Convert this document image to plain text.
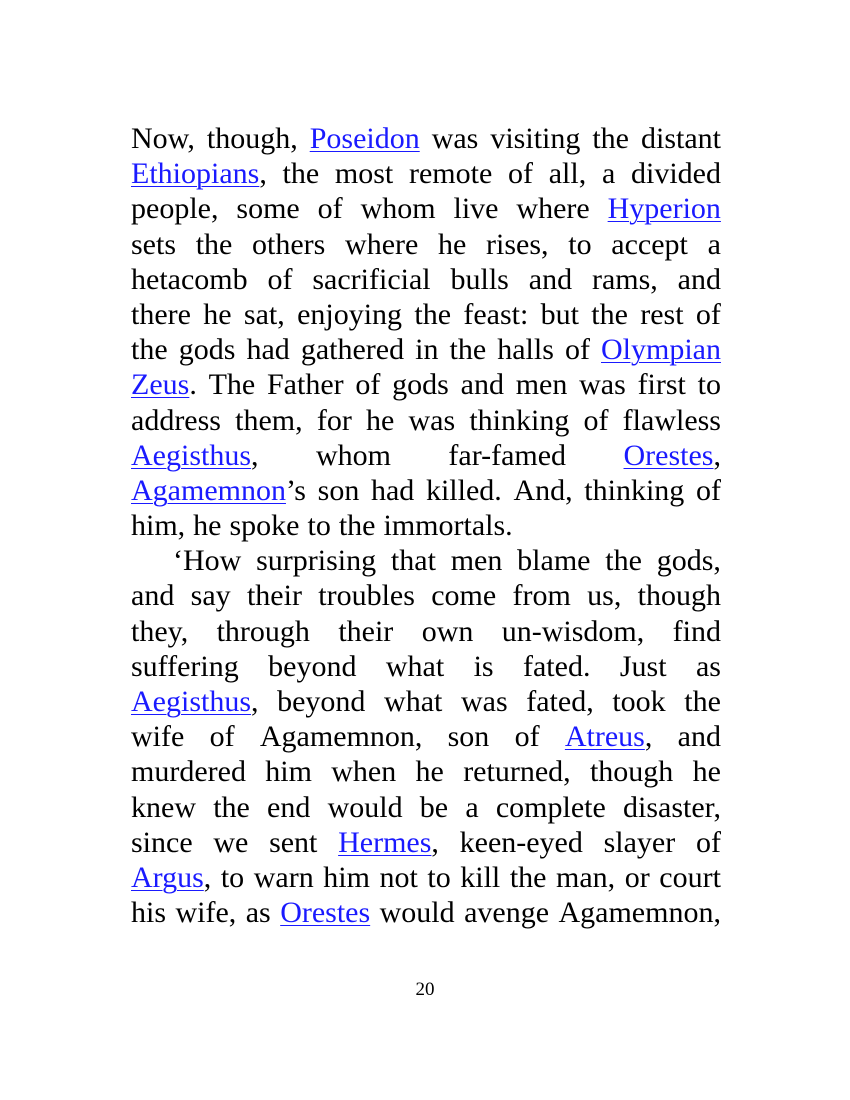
Now, though, Poseidon was visiting the distant
Ethiopians, the most remote of all, a divided
people, some of whom live where Hyperion
sets the others where he rises, to accept a
hetacomb of sacrificial bulls and rams, and
there he sat, enjoying the feast: but the rest of
the gods had gathered in the halls of Olympian
Zeus. The Father of gods and men was first to
address them, for he was thinking of flawless
Aegisthus, whom far-famed Orestes,
Agamemnon’s son had killed. And, thinking of
him, he spoke to the immortals.
‘How surprising that men blame the gods,
and say their troubles come from us, though
they, through their own un-wisdom, find
suffering beyond what is fated. Just as
Aegisthus, beyond what was fated, took the
wife of Agamemnon, son of Atreus, and
murdered him when he returned, though he
knew the end would be a complete disaster,
since we sent Hermes, keen-eyed slayer of
Argus, to warn him not to kill the man, or court
his wife, as Orestes would avenge Agamemnon,
20
